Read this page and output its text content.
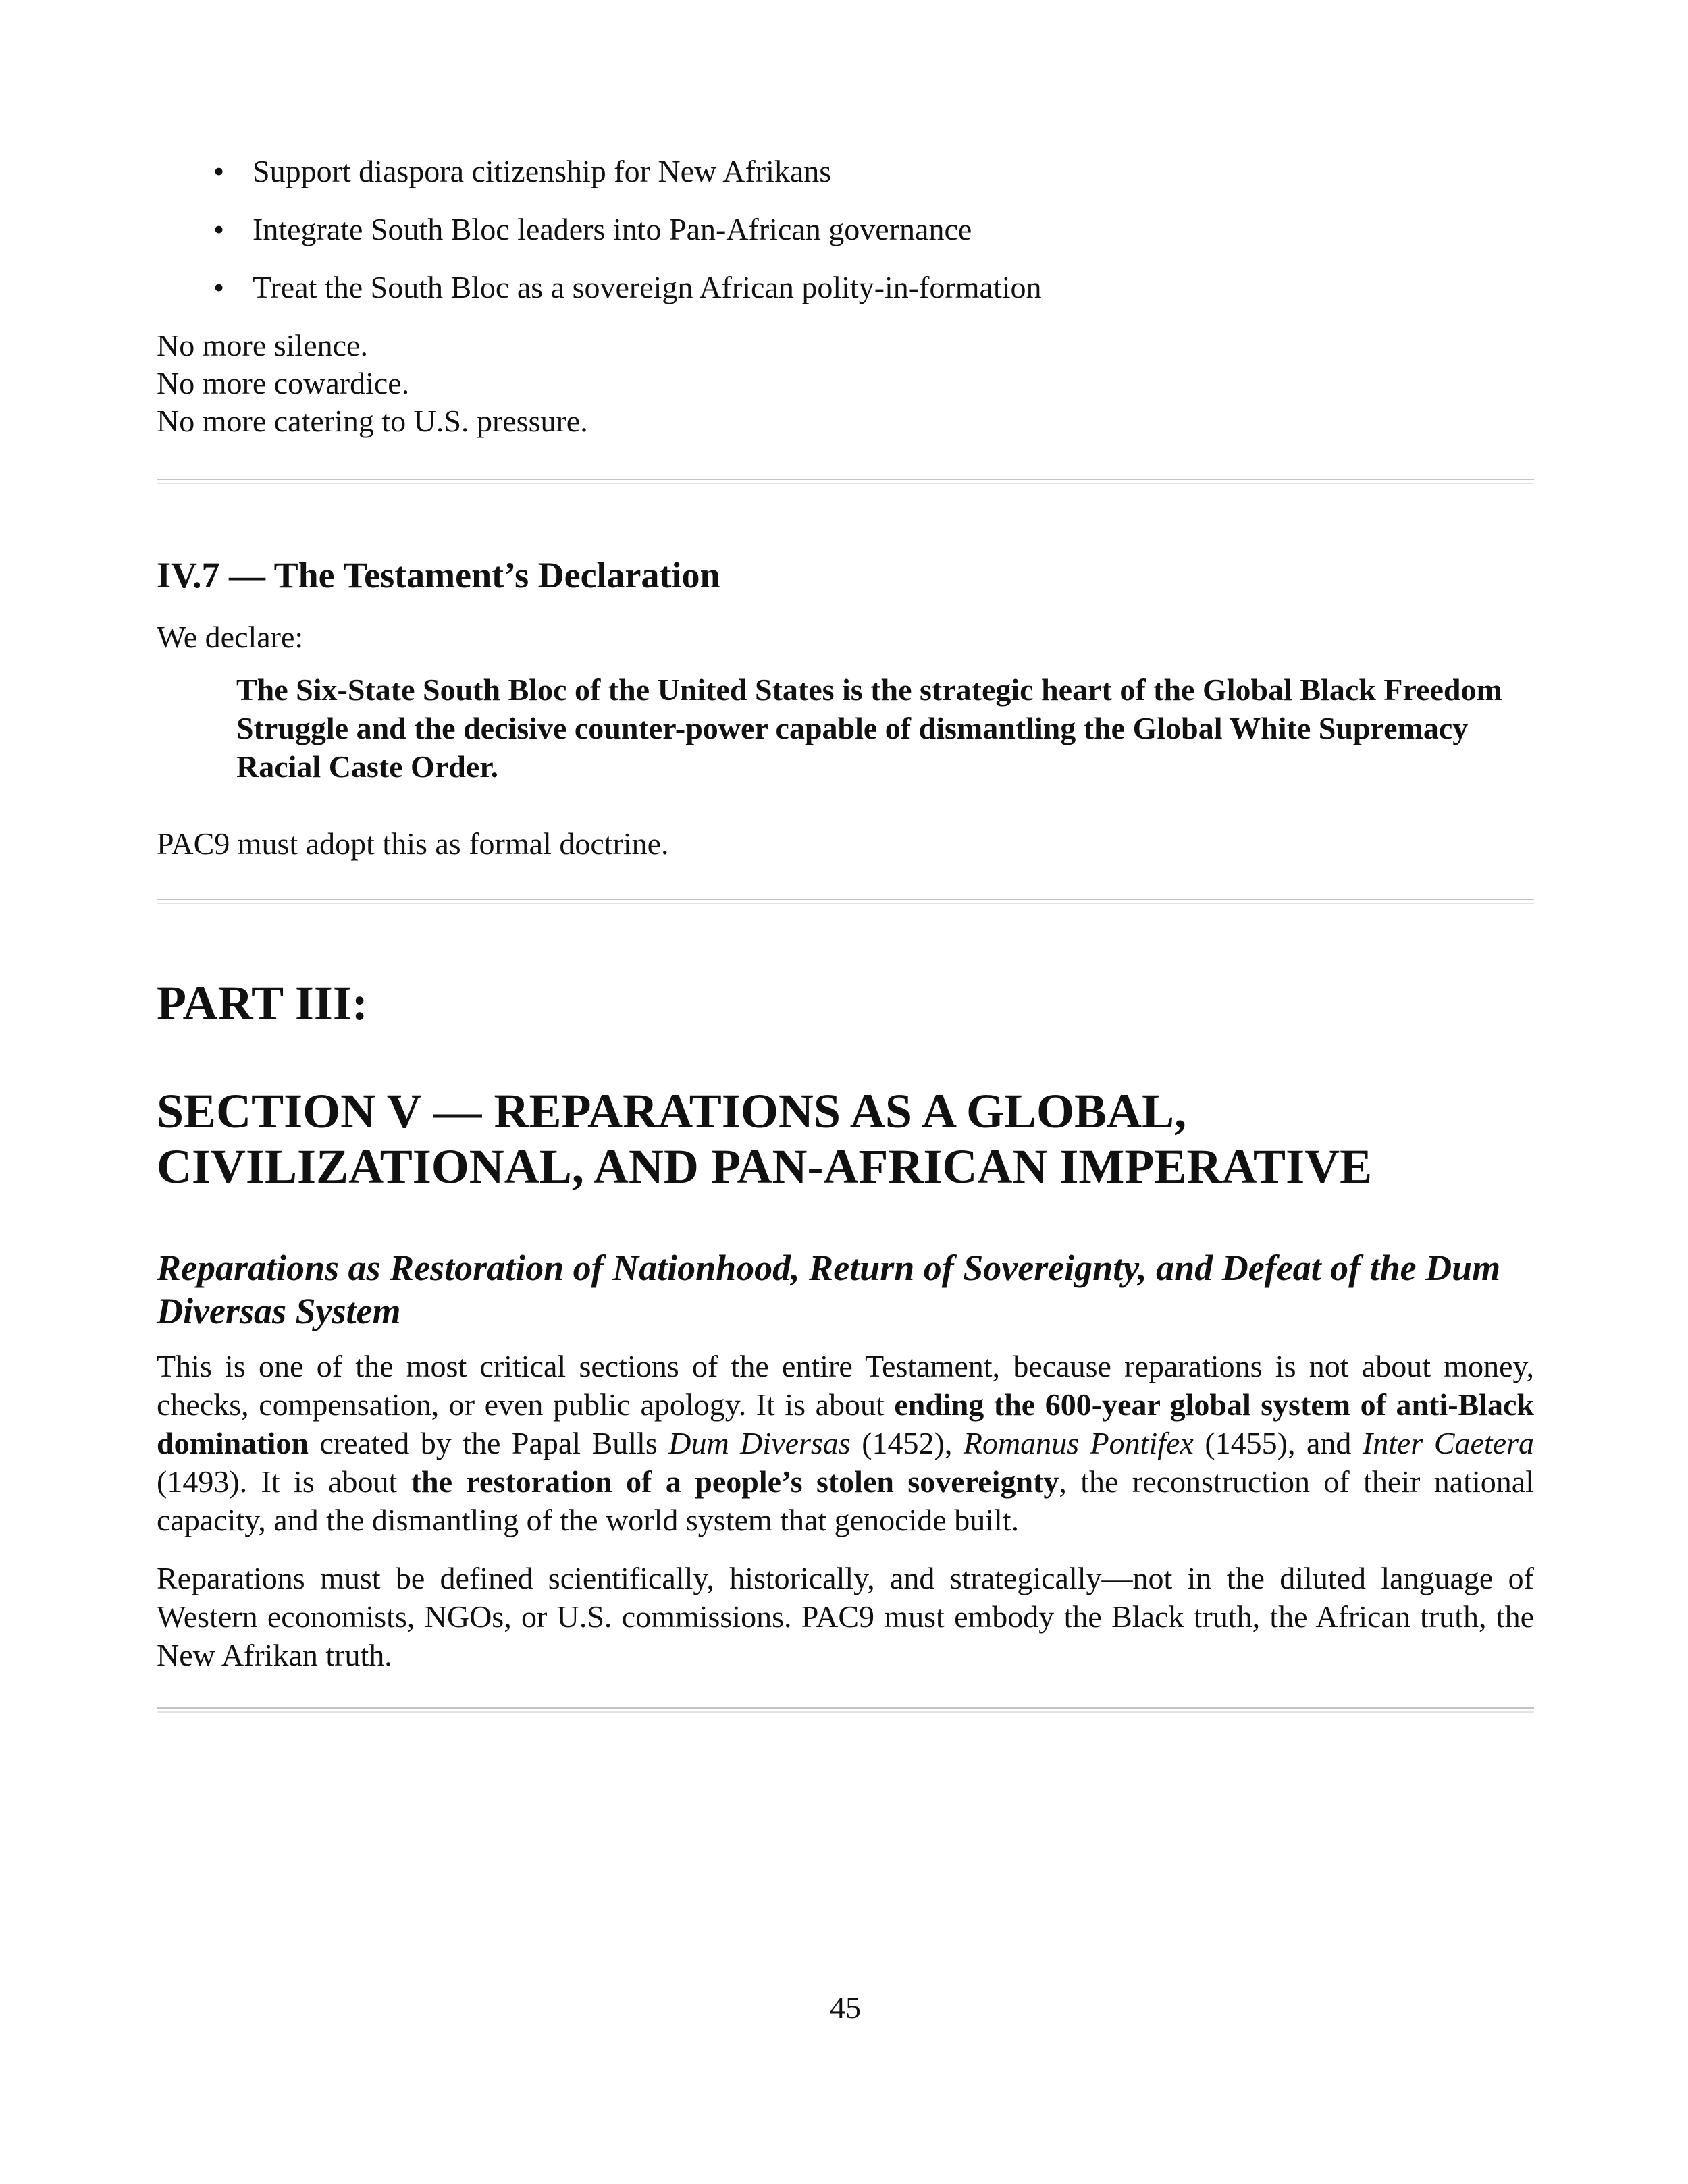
• Support diaspora citizenship for New Afrikans
• Integrate South Bloc leaders into Pan-African governance
• Treat the South Bloc as a sovereign African polity-in-formation
No more silence.
No more cowardice.
No more catering to U.S. pressure.
IV.7 — The Testament’s Declaration
We declare:
The Six-State South Bloc of the United States is the strategic heart of the Global Black Freedom Struggle and the decisive counter-power capable of dismantling the Global White Supremacy Racial Caste Order.
PAC9 must adopt this as formal doctrine.
PART III:
SECTION V — REPARATIONS AS A GLOBAL,
CIVILIZATIONAL, AND PAN-AFRICAN IMPERATIVE
Reparations as Restoration of Nationhood, Return of Sovereignty, and Defeat of the Dum Diversas System
This is one of the most critical sections of the entire Testament, because reparations is not about money, checks, compensation, or even public apology. It is about ending the 600-year global system of anti-Black domination created by the Papal Bulls Dum Diversas (1452), Romanus Pontifex (1455), and Inter Caetera (1493). It is about the restoration of a people’s stolen sovereignty, the reconstruction of their national capacity, and the dismantling of the world system that genocide built.
Reparations must be defined scientifically, historically, and strategically—not in the diluted language of Western economists, NGOs, or U.S. commissions. PAC9 must embody the Black truth, the African truth, the New Afrikan truth.
45
